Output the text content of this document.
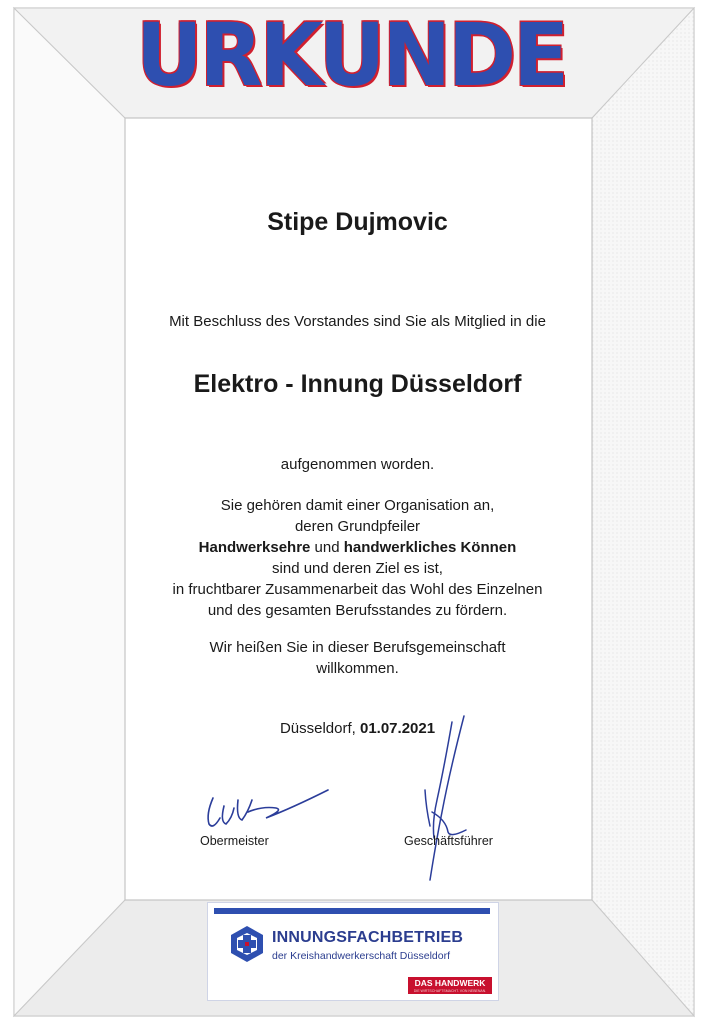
URKUNDE
Stipe Dujmovic
Mit Beschluss des Vorstandes sind Sie als Mitglied in die
Elektro - Innung Düsseldorf
aufgenommen worden.
Sie gehören damit einer Organisation an,
deren Grundpfeiler
Handwerksehre und handwerkliches Können
sind und deren Ziel es ist,
in fruchtbarer Zusammenarbeit das Wohl des Einzelnen
und des gesamten Berufsstandes zu fördern.
Wir heißen Sie in dieser Berufsgemeinschaft
willkommen.
Düsseldorf, 01.07.2021
Obermeister	Geschäftsführer
INNUNGSFACHBETRIEB
der Kreishandwerkerschaft Düsseldorf
DAS HANDWERK
DIE WIRTSCHAFTSMACHT. VON NEBENAN.
